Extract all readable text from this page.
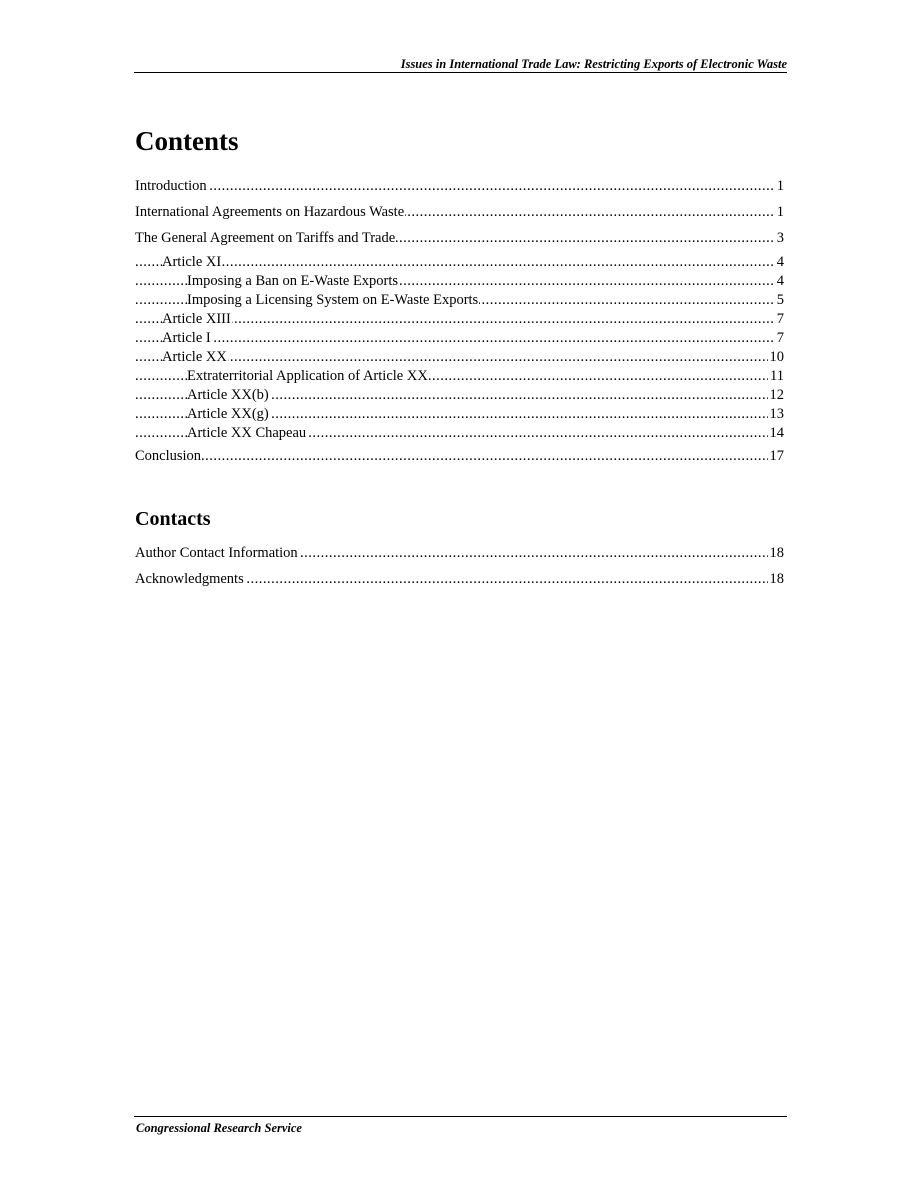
Issues in International Trade Law: Restricting Exports of Electronic Waste
Contents
Introduction	1
.....
International Agreements on Hazardous Waste	1
.....
The General Agreement on Tariffs and Trade	3
.....
Article XI	4
.....
Imposing a Ban on E-Waste Exports	4
.....
Imposing a Licensing System on E-Waste Exports	5
.....
Article XIII	7
.....
Article I	7
.....
Article XX	10
.....
Extraterritorial Application of Article XX	11
.....
Article XX(b)	12
.....
Article XX(g)	13
.....
Article XX Chapeau	14
.....
Conclusion	17
.....
Contacts
Author Contact Information	18
.....
Acknowledgments	18
.....
Congressional Research Service
